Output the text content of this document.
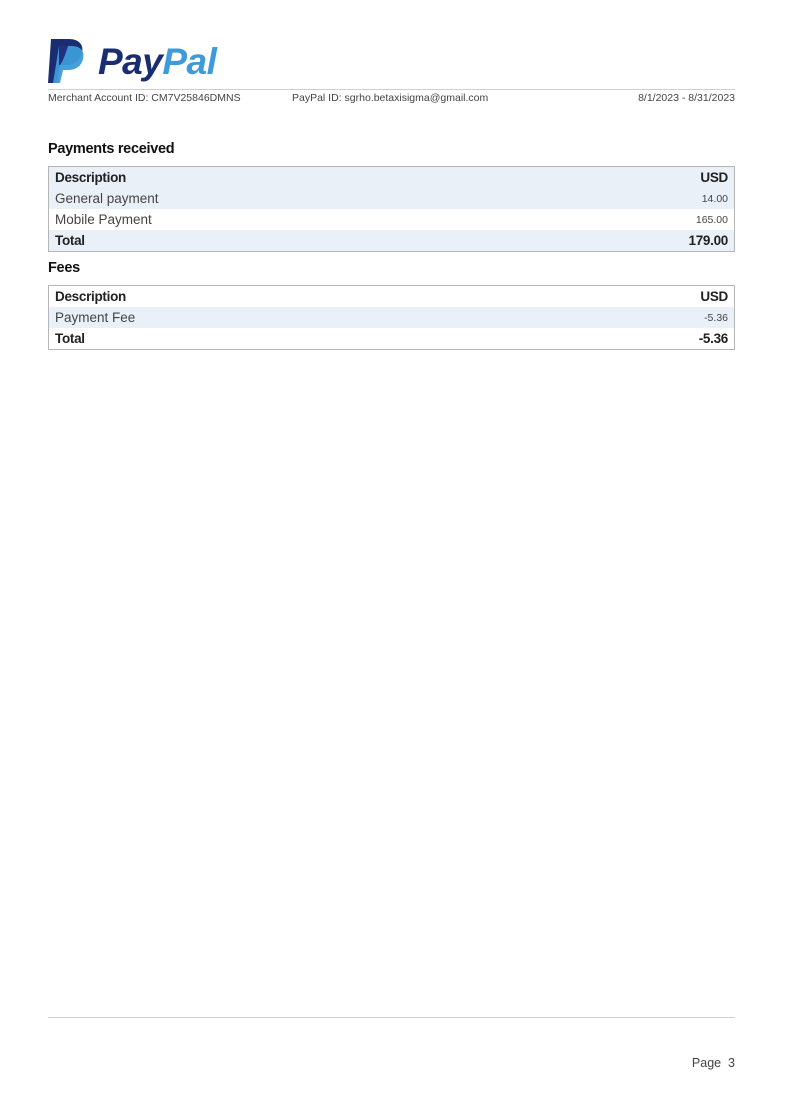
PayPal
Merchant Account ID: CM7V25846DMNS	PayPal ID: sgrho.betaxisigma@gmail.com	8/1/2023 - 8/31/2023
Payments received
Description	USD
General payment	14.00
Mobile Payment	165.00
Total	179.00
Fees
Description	USD
Payment Fee	-5.36
Total	-5.36
Page  3
